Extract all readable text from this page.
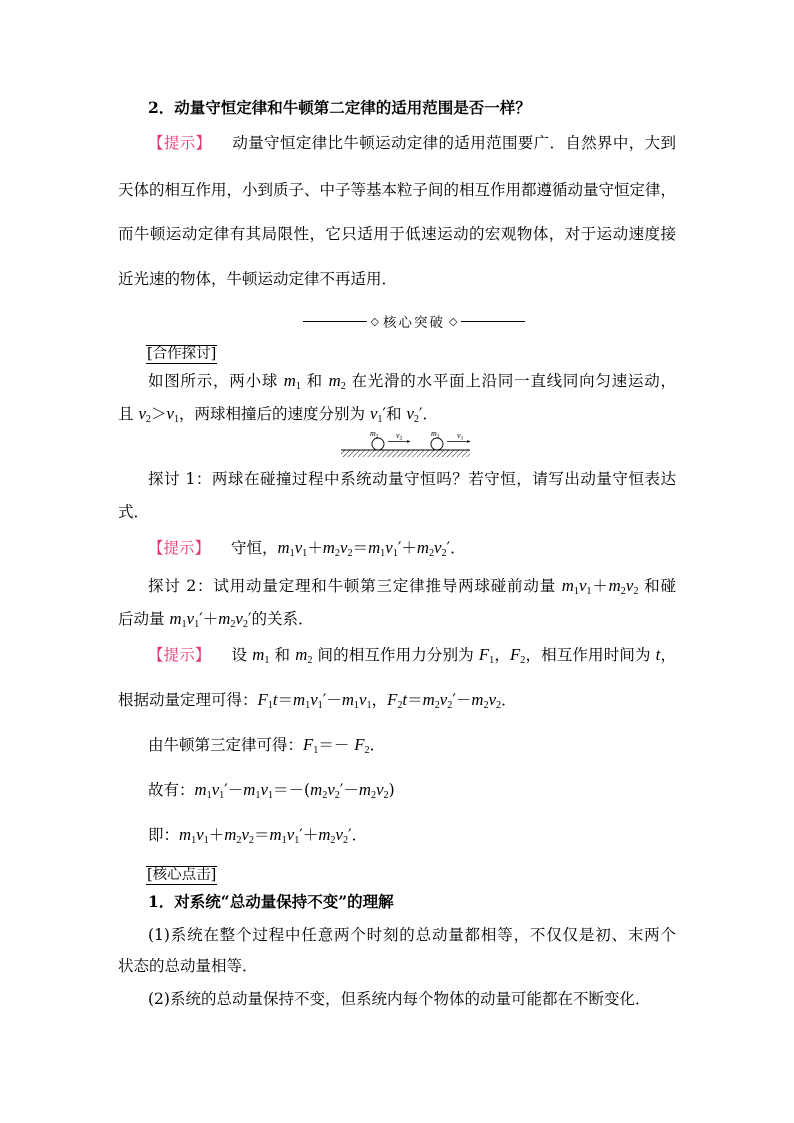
2．动量守恒定律和牛顿第二定律的适用范围是否一样？
【提示】 动量守恒定律比牛顿运动定律的适用范围要广．自然界中，大到
天体的相互作用，小到质子、中子等基本粒子间的相互作用都遵循动量守恒定律，
而牛顿运动定律有其局限性，它只适用于低速运动的宏观物体，对于运动速度接
近光速的物体，牛顿运动定律不再适用．
◇ 核心突破 ◇
[合作探讨]
如图所示，两小球 m1 和 m2 在光滑的水平面上沿同一直线同向匀速运动，
且 v2＞v1，两球相撞后的速度分别为 v1′和 v2′．
m2 v2
m1 v1
探讨 1：两球在碰撞过程中系统动量守恒吗？若守恒，请写出动量守恒表达
式．
【提示】 守恒，m1v1＋m2v2＝m1v1′＋m2v2′．
探讨 2：试用动量定理和牛顿第三定律推导两球碰前动量 m1v1＋m2v2 和碰
后动量 m1v1′＋m2v2′的关系．
【提示】 设 m1 和 m2 间的相互作用力分别为 F1，F2，相互作用时间为 t，
根据动量定理可得：F1t＝m1v1′－m1v1，F2t＝m2v2′－m2v2．
由牛顿第三定律可得：F1＝－ F2．
故有：m1v1′－m1v1＝－(m2v2′－m2v2)
即：m1v1＋m2v2＝m1v1′＋m2v2′．
[核心点击]
1．对系统“总动量保持不变”的理解
(1)系统在整个过程中任意两个时刻的总动量都相等，不仅仅是初、末两个
状态的总动量相等．
(2)系统的总动量保持不变，但系统内每个物体的动量可能都在不断变化．
